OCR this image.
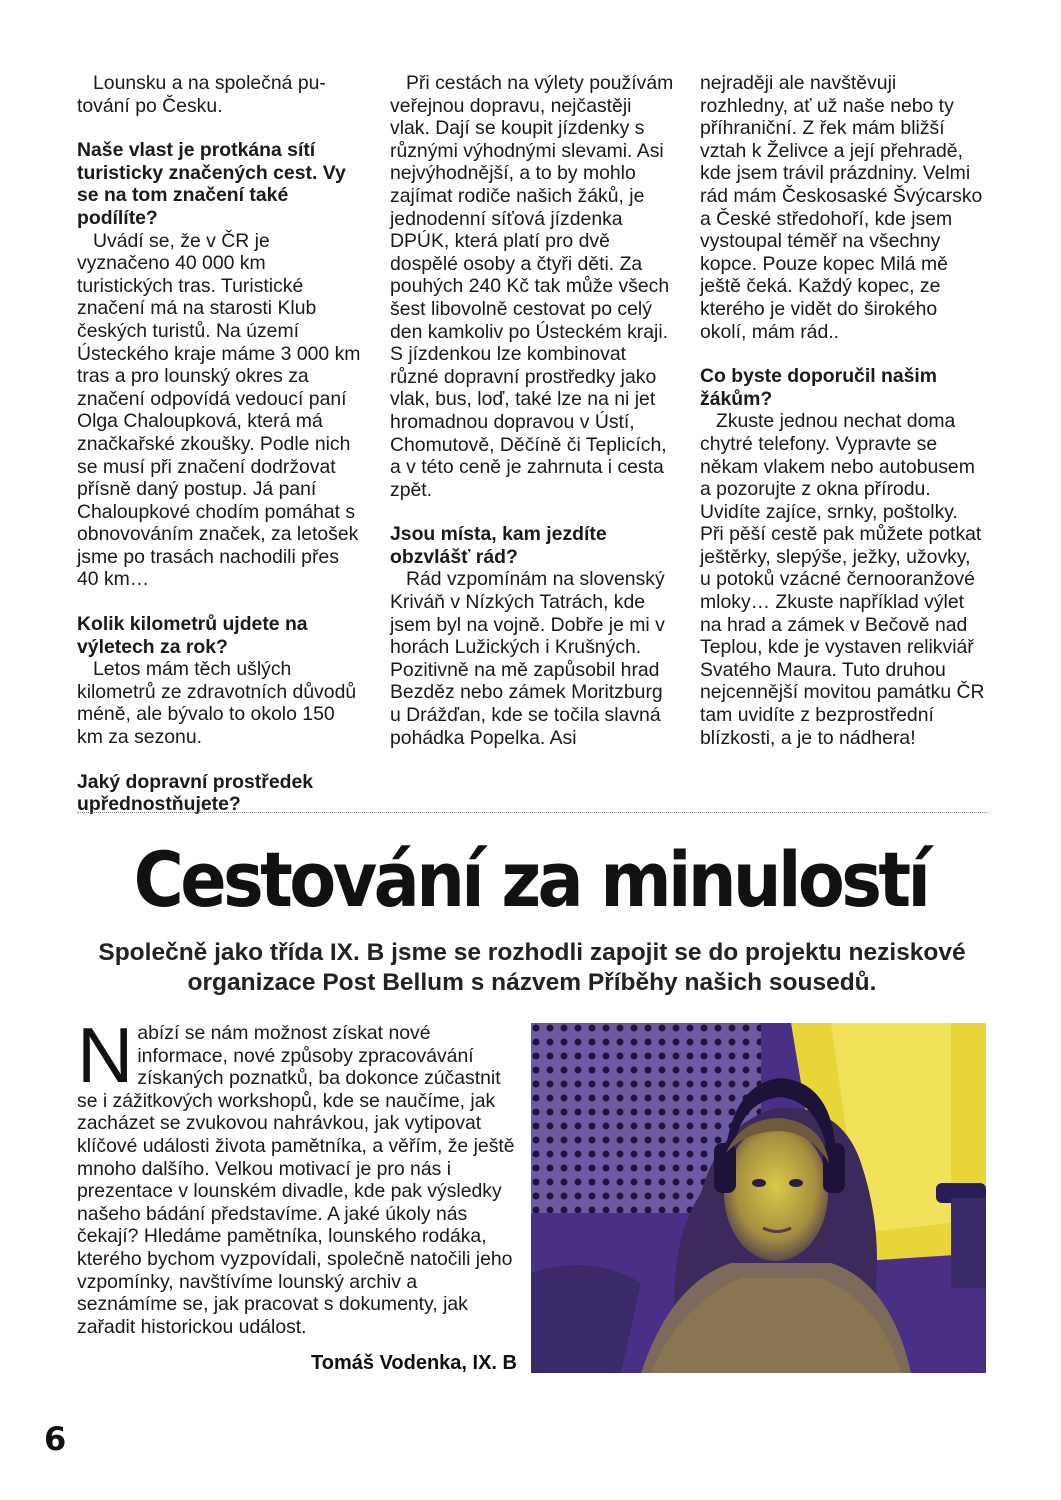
Lounsku a na společná putování po Česku.

Naše vlast je protkána sítí turisticky značených cest. Vy se na tom značení také podílíte?

Uvádí se, že v ČR je vyznačeno 40 000 km turistických tras. Turistické značení má na starosti Klub českých turistů. Na území Ústeckého kraje máme 3 000 km tras a pro lounský okres za značení odpovídá vedoucí paní Olga Chaloupková, která má značkařské zkoušky. Podle nich se musí při značení dodržovat přísně daný postup. Já paní Chaloupkové chodím pomáhat s obnovováním značek, za letošek jsme po trasách nachodili přes 40 km…

Kolik kilometrů ujdete na výletech za rok?

Letos mám těch ušlých kilometrů ze zdravotních důvodů méně, ale bývalo to okolo 150 km za sezonu.

Jaký dopravní prostředek upřednostňujete?

Při cestách na výlety používám veřejnou dopravu, nejčastěji vlak. Dají se koupit jízdenky s různými výhodnými slevami. Asi nejvýhodnější, a to by mohlo zajímat rodiče našich žáků, je jednodenní síťová jízdenka DPÚK, která platí pro dvě dospělé osoby a čtyři děti. Za pouhých 240 Kč tak může všech šest libovolně cestovat po celý den kamkoliv po Ústeckém kraji. S jízdenkou lze kombinovat různé dopravní prostředky jako vlak, bus, loď, také lze na ni jet hromadnou dopravou v Ústí, Chomutově, Děčíně či Teplicích, a v této ceně je zahrnuta i cesta zpět.

Jsou místa, kam jezdíte obzvlášť rád?

Rád vzpomínám na slovenský Kriváň v Nízkých Tatrách, kde jsem byl na vojně. Dobře je mi v horách Lužických i Krušných. Pozitivně na mě zapůsobil hrad Bezděz nebo zámek Moritzburg u Drážďan, kde se točila slavná pohádka Popelka. Asi

nejraději ale navštěvuji rozhledny, ať už naše nebo ty příhraniční. Z řek mám bližší vztah k Želivce a její přehradě, kde jsem trávil prázdniny. Velmi rád mám Českosaské Švýcarsko a České středohoří, kde jsem vystoupal téměř na všechny kopce. Pouze kopec Milá mě ještě čeká. Každý kopec, ze kterého je vidět do širokého okolí, mám rád..

Co byste doporučil našim žákům?

Zkuste jednou nechat doma chytré telefony. Vypravte se někam vlakem nebo autobusem a pozorujte z okna přírodu. Uvidíte zajíce, srnky, poštolky. Při pěší cestě pak můžete potkat ještěrky, slepýše, ježky, užovky, u potoků vzácné černooranžové mloky… Zkuste například výlet na hrad a zámek v Bečově nad Teplou, kde je vystaven relikviář Svatého Maura. Tuto druhou nejcennější movitou památku ČR tam uvidíte z bezprostřední blízkosti, a je to nádhera!

Cestování za minulostí
Společně jako třída IX. B jsme se rozhodli zapojit se do projektu neziskové organizace Post Bellum s názvem Příběhy našich sousedů.
N abízí se nám možnost získat nové informace, nové způsoby zpracovávání získaných poznatků, ba dokonce zúčastnit se i zážitkových workshopů, kde se naučíme, jak zacházet se zvukovou nahrávkou, jak vytipovat klíčové události života pamětníka, a věřím, že ještě mnoho dalšího. Velkou motivací je pro nás i prezentace v lounském divadle, kde pak výsledky našeho bádání představíme. A jaké úkoly nás čekají? Hledáme pamětníka, lounského rodáka, kterého bychom vyzpovídali, společně natočili jeho vzpomínky, navštívíme lounský archiv a seznámíme se, jak pracovat s dokumenty, jak zařadit historickou událost.
Tomáš Vodenka, IX. B
6
